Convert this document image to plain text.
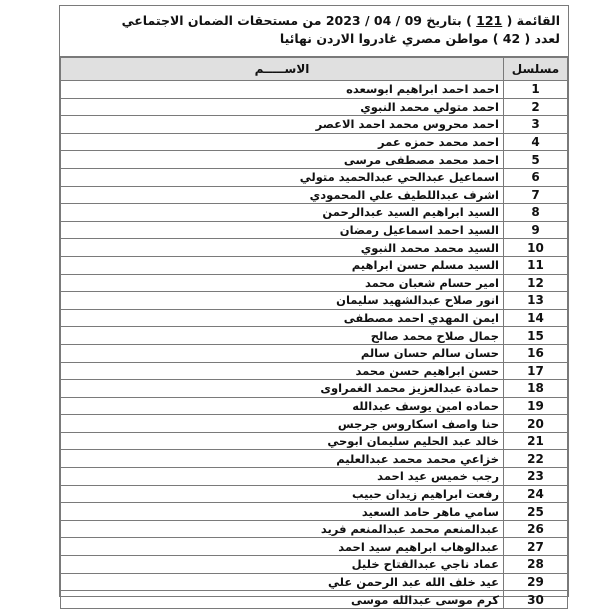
القائمة ( 121 ) بتاريخ 09 / 04 / 2023 من مستحقات الضمان الاجتماعي
لعدد ( 42 ) مواطن مصري غادروا الاردن نهائيا
مسلسل	الاســـــم
1	احمد احمد ابراهيم ابوسعده
2	احمد متولي محمد النبوي
3	احمد محروس محمد احمد الاعصر
4	احمد محمد حمزه عمر
5	احمد محمد مصطفى مرسى
6	اسماعيل عبدالحي عبدالحميد متولي
7	اشرف عبداللطيف علي المحمودي
8	السيد ابراهيم السيد عبدالرحمن
9	السيد احمد اسماعيل رمضان
10	السيد محمد محمد النبوي
11	السيد مسلم حسن ابراهيم
12	امير حسام شعبان محمد
13	انور صلاح عبدالشهيد سليمان
14	ايمن المهدي احمد مصطفى
15	جمال صلاح محمد صالح
16	حسان سالم حسان سالم
17	حسن ابراهيم حسن محمد
18	حمادة عبدالعزيز محمد الغمراوى
19	حماده امين يوسف عبدالله
20	حنا واصف اسكاروس جرجس
21	خالد عبد الحليم سليمان ابوحي
22	خزاعي محمد محمد عبدالعليم
23	رجب خميس عيد احمد
24	رفعت ابراهيم زيدان حبيب
25	سامي ماهر حامد السعيد
26	عبدالمنعم محمد عبدالمنعم فريد
27	عبدالوهاب ابراهيم سيد احمد
28	عماد ناجي عبدالفتاح خليل
29	عيد خلف الله عبد الرحمن علي
30	كرم موسى عبدالله موسى
